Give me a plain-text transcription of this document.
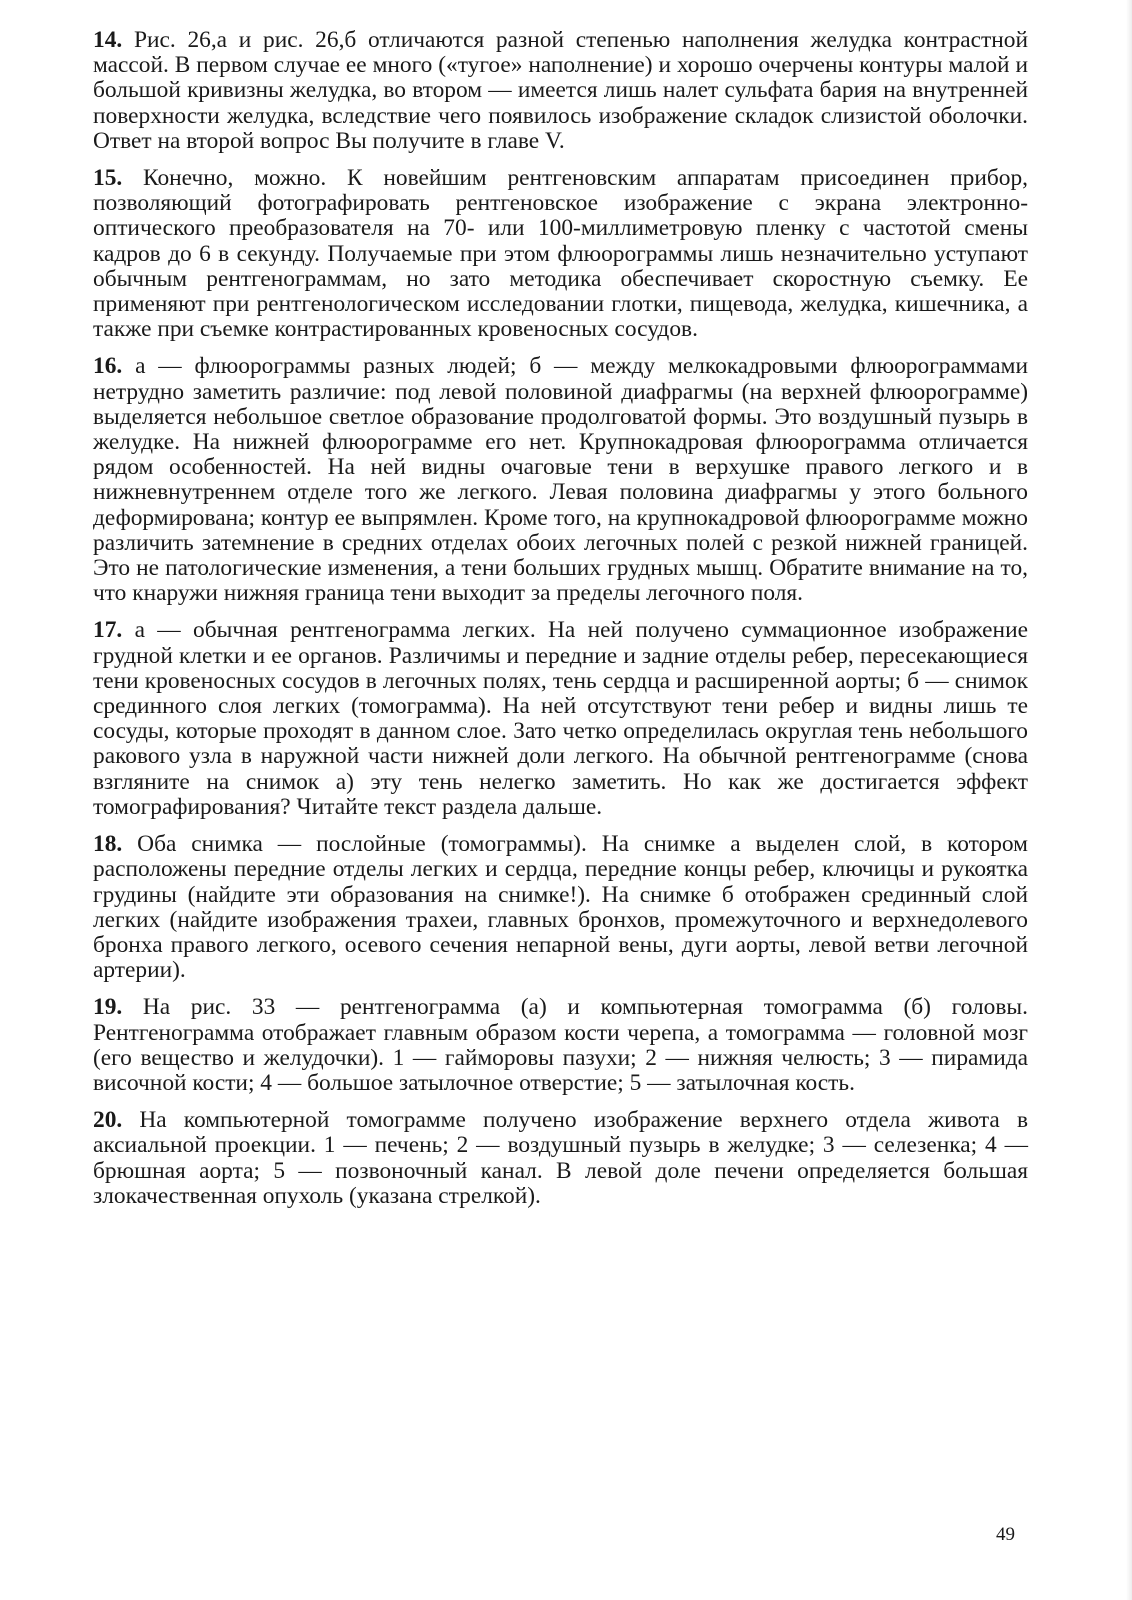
14. Рис. 26,а и рис. 26,б отличаются разной степенью наполнения желудка контрастной массой. В первом случае ее много («тугое» наполнение) и хорошо очерчены контуры малой и большой кривизны желудка, во втором — имеется лишь налет сульфата бария на внутренней поверхности желудка, вследствие чего появилось изображение складок слизистой оболочки. Ответ на второй вопрос Вы получите в главе V.

15. Конечно, можно. К новейшим рентгеновским аппаратам присоединен прибор, позволяющий фотографировать рентгеновское изображение с экрана электронно-оптического преобразователя на 70- или 100-миллиметровую пленку с частотой смены кадров до 6 в секунду. Получаемые при этом флюорограммы лишь незначительно уступают обычным рентгенограммам, но зато методика обеспечивает скоростную съемку. Ее применяют при рентгенологическом исследовании глотки, пищевода, желудка, кишечника, а также при съемке контрастированных кровеносных сосудов.

16. а — флюорограммы разных людей; б — между мелкокадровыми флюорограммами нетрудно заметить различие: под левой половиной диафрагмы (на верхней флюорограмме) выделяется небольшое светлое образование продолговатой формы. Это воздушный пузырь в желудке. На нижней флюорограмме его нет. Крупнокадровая флюорограмма отличается рядом особенностей. На ней видны очаговые тени в верхушке правого легкого и в нижневнутреннем отделе того же легкого. Левая половина диафрагмы у этого больного деформирована; контур ее выпрямлен. Кроме того, на крупнокадровой флюорограмме можно различить затемнение в средних отделах обоих легочных полей с резкой нижней границей. Это не патологические изменения, а тени больших грудных мышц. Обратите внимание на то, что кнаружи нижняя граница тени выходит за пределы легочного поля.

17. а — обычная рентгенограмма легких. На ней получено суммационное изображение грудной клетки и ее органов. Различимы и передние и задние отделы ребер, пересекающиеся тени кровеносных сосудов в легочных полях, тень сердца и расширенной аорты; б — снимок срединного слоя легких (томограмма). На ней отсутствуют тени ребер и видны лишь те сосуды, которые проходят в данном слое. Зато четко определилась округлая тень небольшого ракового узла в наружной части нижней доли легкого. На обычной рентгенограмме (снова взгляните на снимок а) эту тень нелегко заметить. Но как же достигается эффект томографирования? Читайте текст раздела дальше.

18. Оба снимка — послойные (томограммы). На снимке а выделен слой, в котором расположены передние отделы легких и сердца, передние концы ребер, ключицы и рукоятка грудины (найдите эти образования на снимке!). На снимке б отображен срединный слой легких (найдите изображения трахеи, главных бронхов, промежуточного и верхнедолевого бронха правого легкого, осевого сечения непарной вены, дуги аорты, левой ветви легочной артерии).

19. На рис. 33 — рентгенограмма (а) и компьютерная томограмма (б) головы. Рентгенограмма отображает главным образом кости черепа, а томограмма — головной мозг (его вещество и желудочки). 1 — гайморовы пазухи; 2 — нижняя челюсть; 3 — пирамида височной кости; 4 — большое затылочное отверстие; 5 — затылочная кость.

20. На компьютерной томограмме получено изображение верхнего отдела живота в аксиальной проекции. 1 — печень; 2 — воздушный пузырь в желудке; 3 — селезенка; 4 — брюшная аорта; 5 — позвоночный канал. В левой доле печени определяется большая злокачественная опухоль (указана стрелкой).

49
